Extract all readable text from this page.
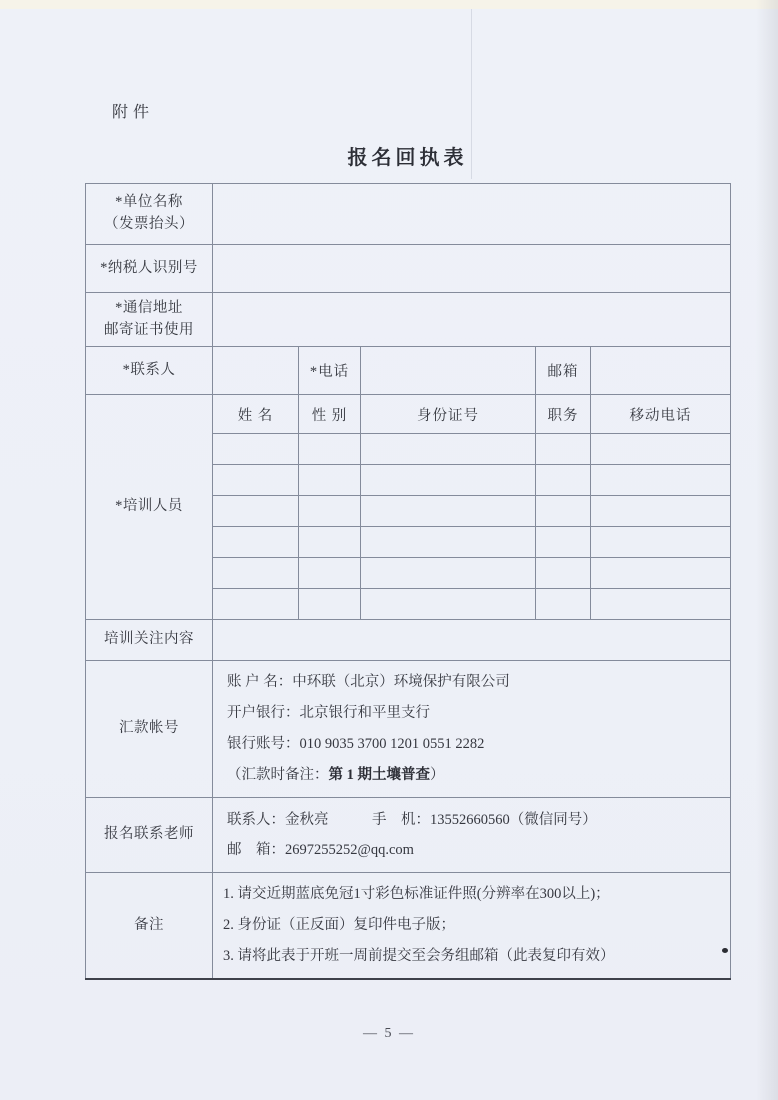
附件
报名回执表
*单位名称
（发票抬头）					

*纳税人识别号					

*通信地址
邮寄证书使用					

*联系人		*电话		邮箱	
*培训人员	姓 名	性 别	身份证号	职务	移动电话

培训关注内容					
汇款帐号	账 户 名：中环联（北京）环境保护有限公司
开户银行：北京银行和平里支行
银行账号：010 9035 3700 1201 0551 2282
（汇款时备注：第 1 期土壤普查）				

报名联系老师	联系人：金秋亮　　　手　机：13552660560（微信同号）
邮　箱：2697255252@qq.com				

备注	1. 请交近期蓝底免冠1寸彩色标准证件照(分辨率在300以上)；
2. 身份证（正反面）复印件电子版；
3. 请将此表于开班一周前提交至会务组邮箱（此表复印有效）				
— 5 —
